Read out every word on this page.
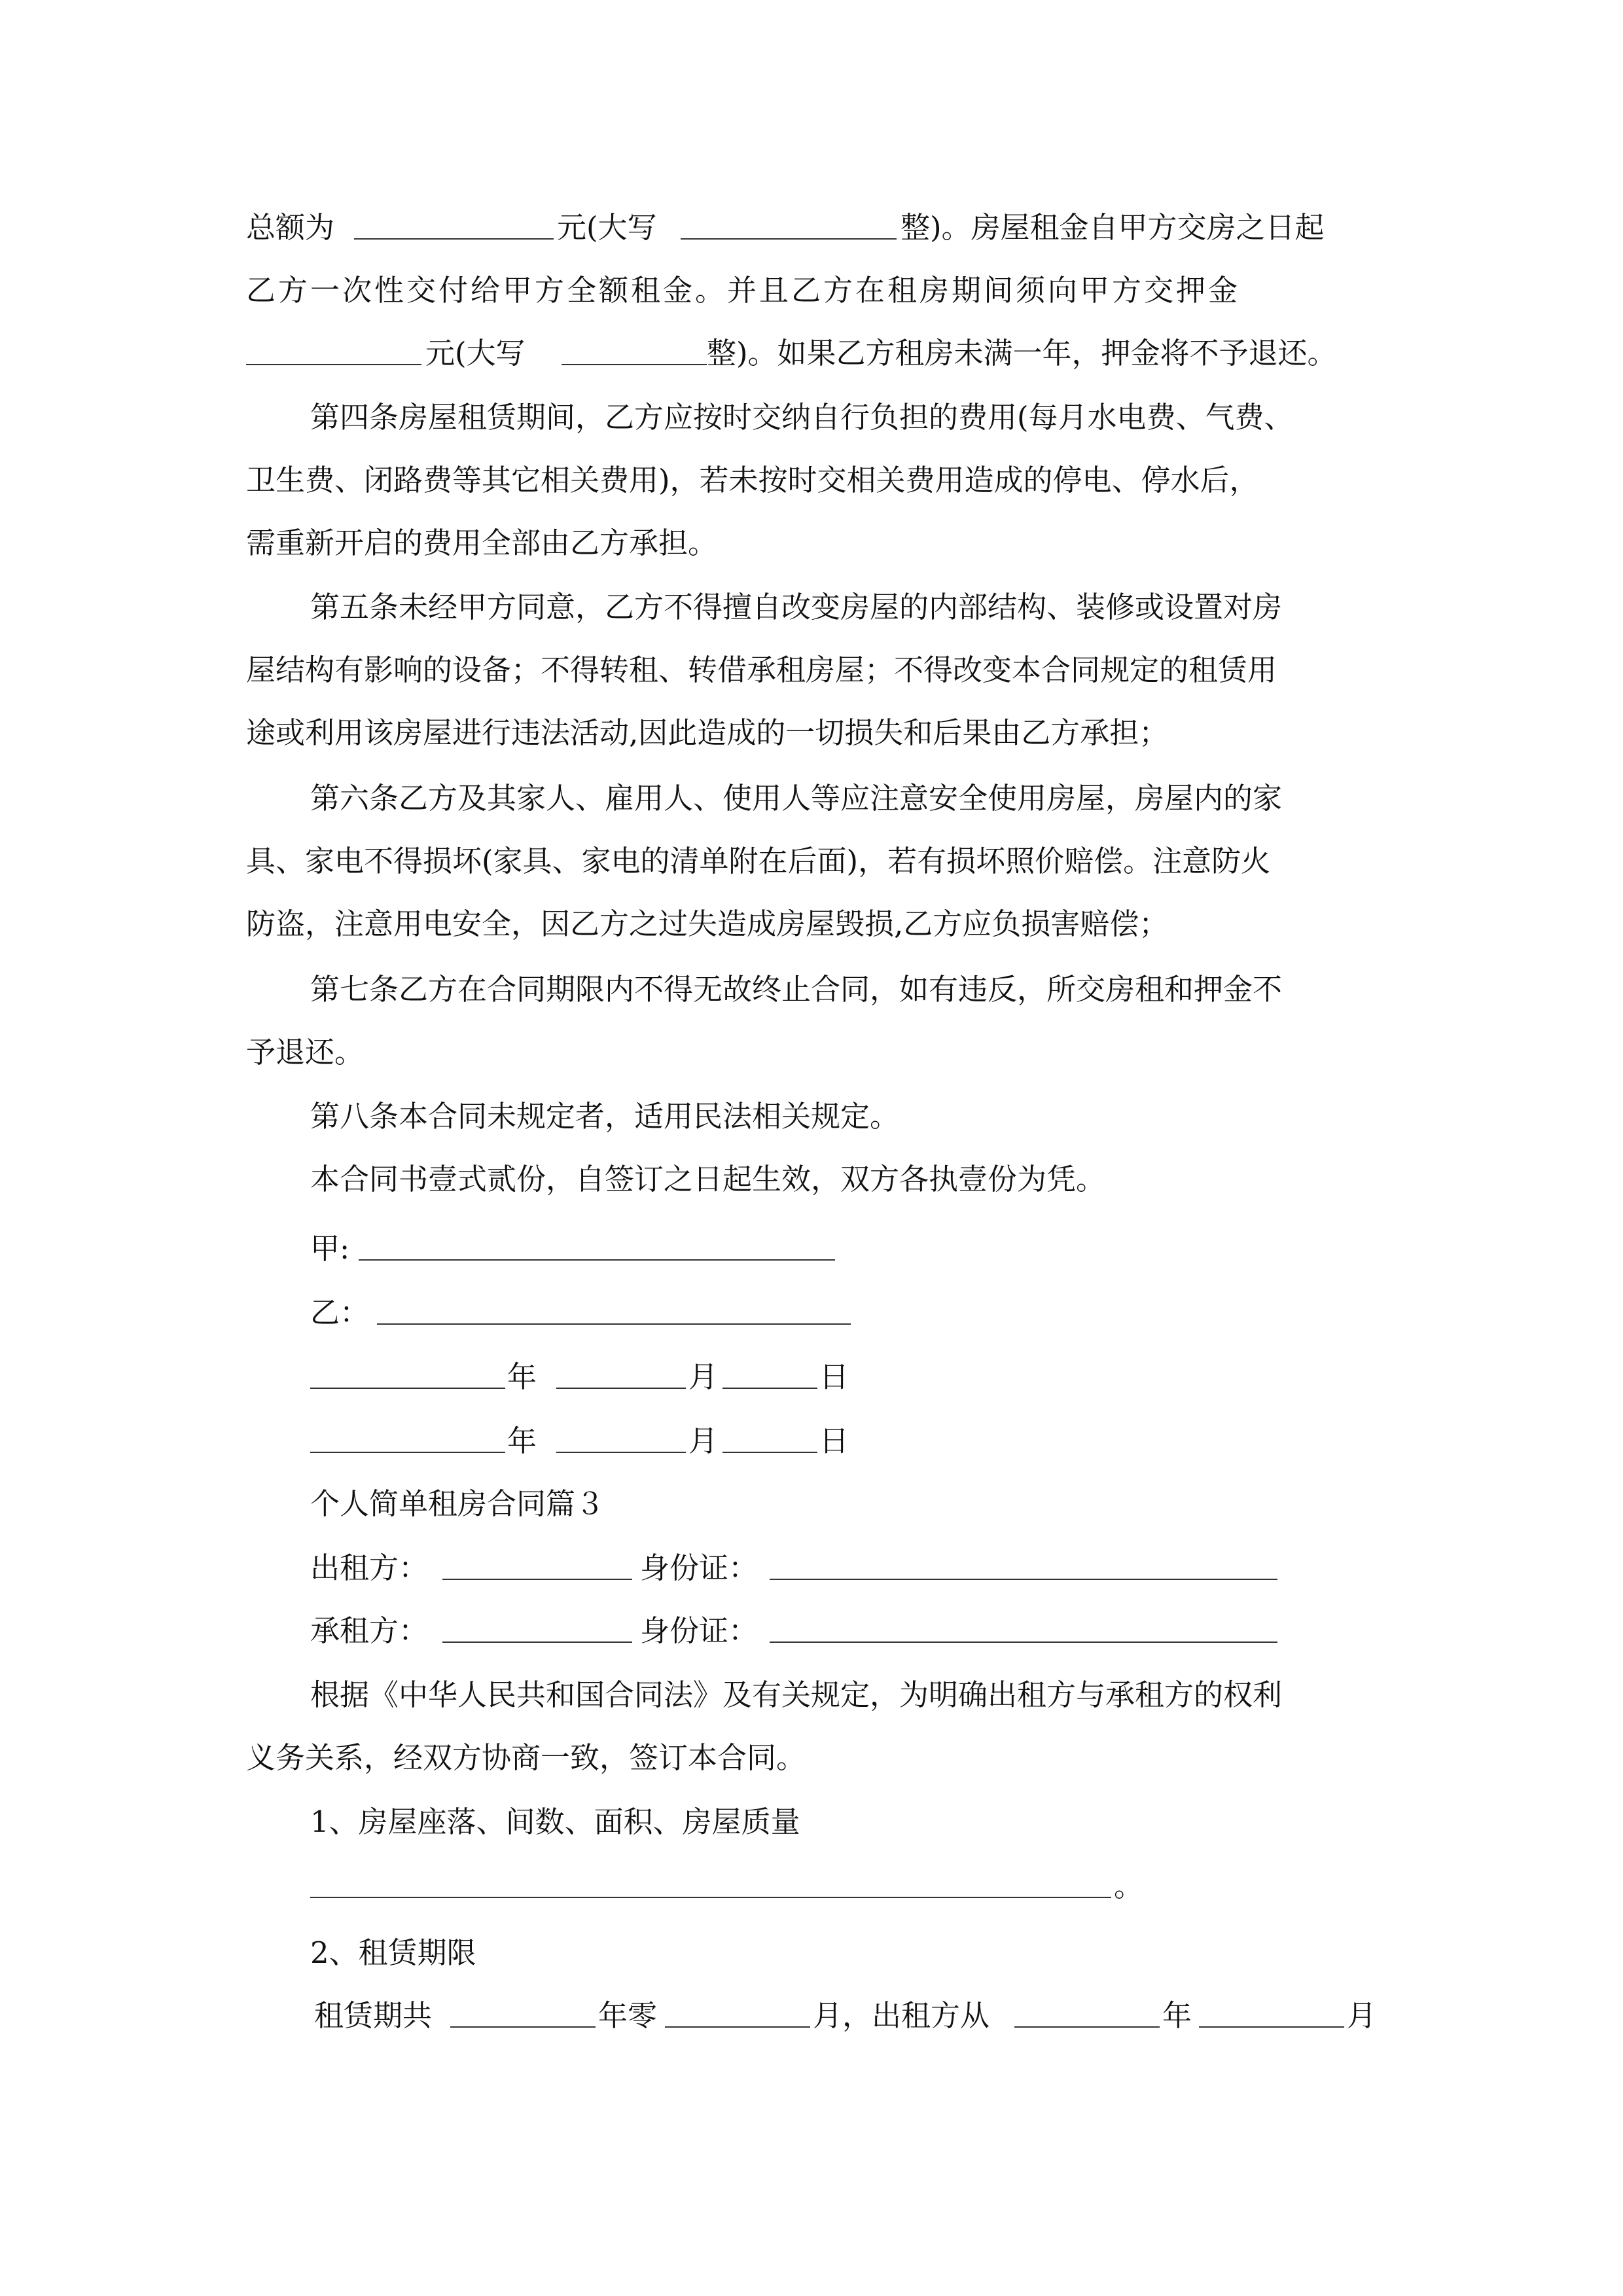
总额为	元(大写	整)。房屋租金自甲方交房之日起
乙方一次性交付给甲方全额租金。并且乙方在租房期间须向甲方交押金
元(大写	整)。如果乙方租房未满一年，押金将不予退还。
第四条房屋租赁期间，乙方应按时交纳自行负担的费用(每月水电费、气费、
卫生费、闭路费等其它相关费用)，若未按时交相关费用造成的停电、停水后，
需重新开启的费用全部由乙方承担。
第五条未经甲方同意，乙方不得擅自改变房屋的内部结构、装修或设置对房
屋结构有影响的设备；不得转租、转借承租房屋；不得改变本合同规定的租赁用
途或利用该房屋进行违法活动,因此造成的一切损失和后果由乙方承担；
第六条乙方及其家人、雇用人、使用人等应注意安全使用房屋，房屋内的家
具、家电不得损坏(家具、家电的清单附在后面)，若有损坏照价赔偿。注意防火
防盗，注意用电安全，因乙方之过失造成房屋毁损,乙方应负损害赔偿；
第七条乙方在合同期限内不得无故终止合同，如有违反，所交房租和押金不
予退还。
第八条本合同未规定者，适用民法相关规定。
本合同书壹式贰份，自签订之日起生效，双方各执壹份为凭。
甲:
乙：
年	月	日
年	月	日
个人简单租房合同篇３
出租方：	身份证：
承租方：	身份证：
根据《中华人民共和国合同法》及有关规定，为明确出租方与承租方的权利
义务关系，经双方协商一致，签订本合同。
1、房屋座落、间数、面积、房屋质量
。
2、租赁期限
租赁期共	年零	月，出租方从	年	月
